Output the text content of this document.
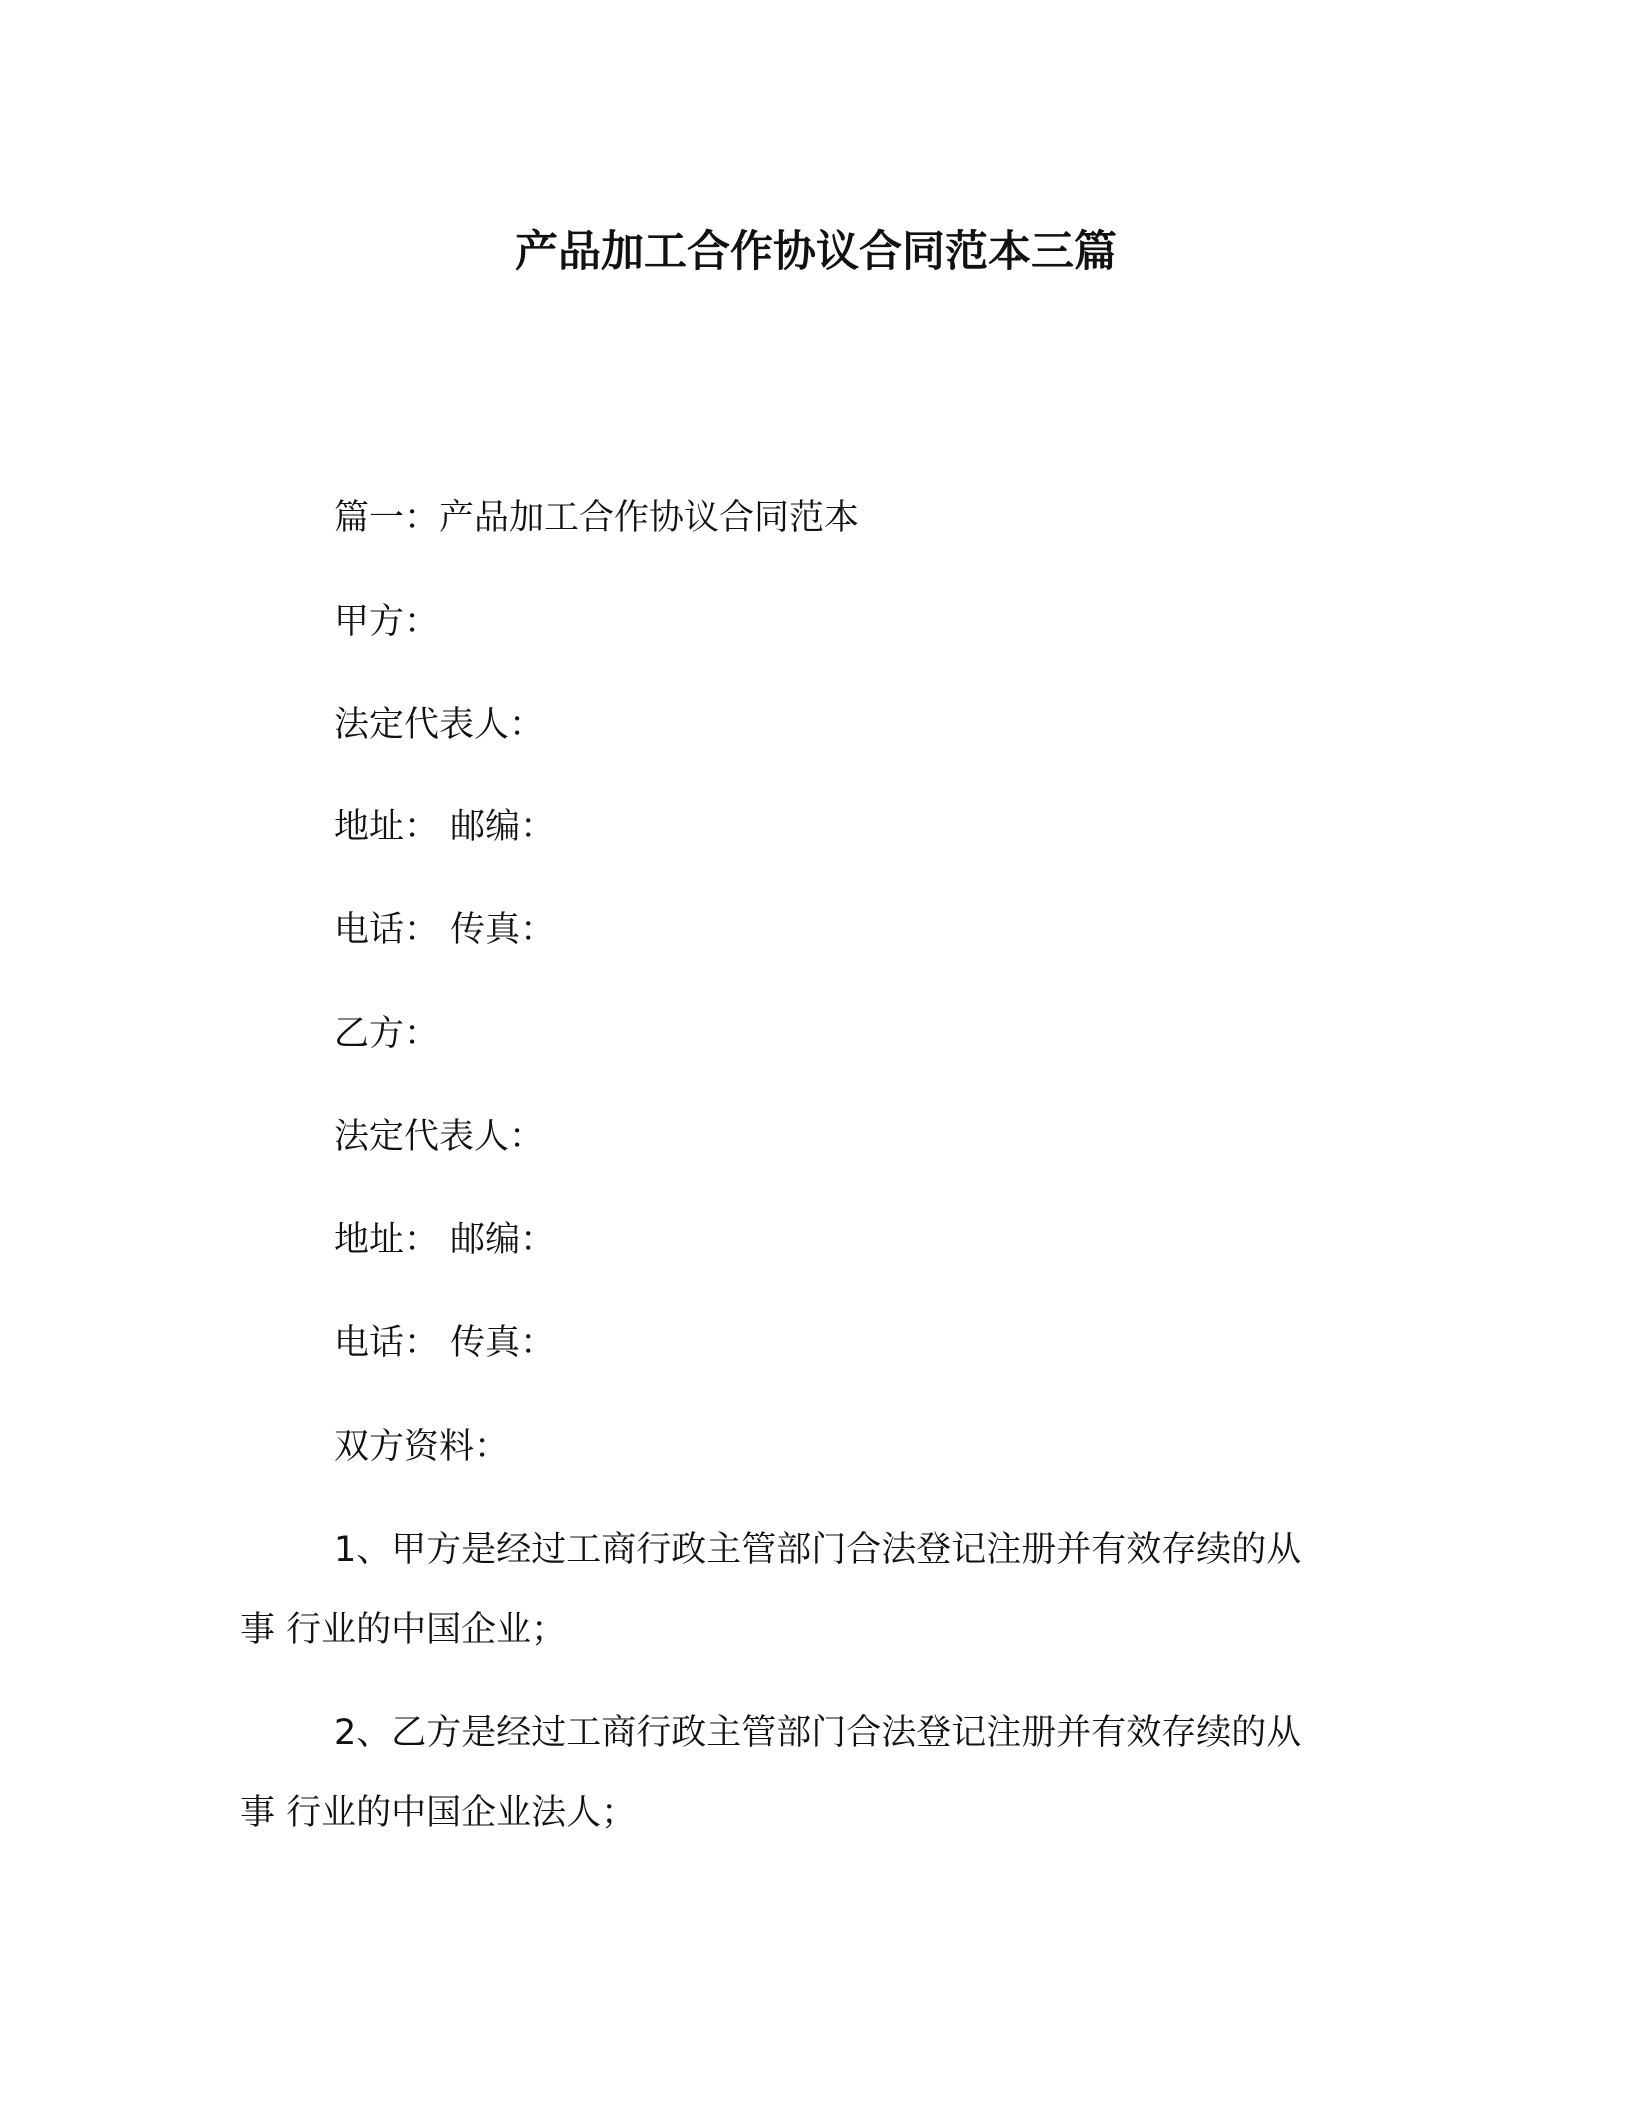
产品加工合作协议合同范本三篇
篇一：产品加工合作协议合同范本
甲方：
法定代表人：
地址： 邮编：
电话： 传真：
乙方：
法定代表人：
地址： 邮编：
电话： 传真：
双方资料：
1、甲方是经过工商行政主管部门合法登记注册并有效存续的从
事 行业的中国企业；
2、乙方是经过工商行政主管部门合法登记注册并有效存续的从
事 行业的中国企业法人；
